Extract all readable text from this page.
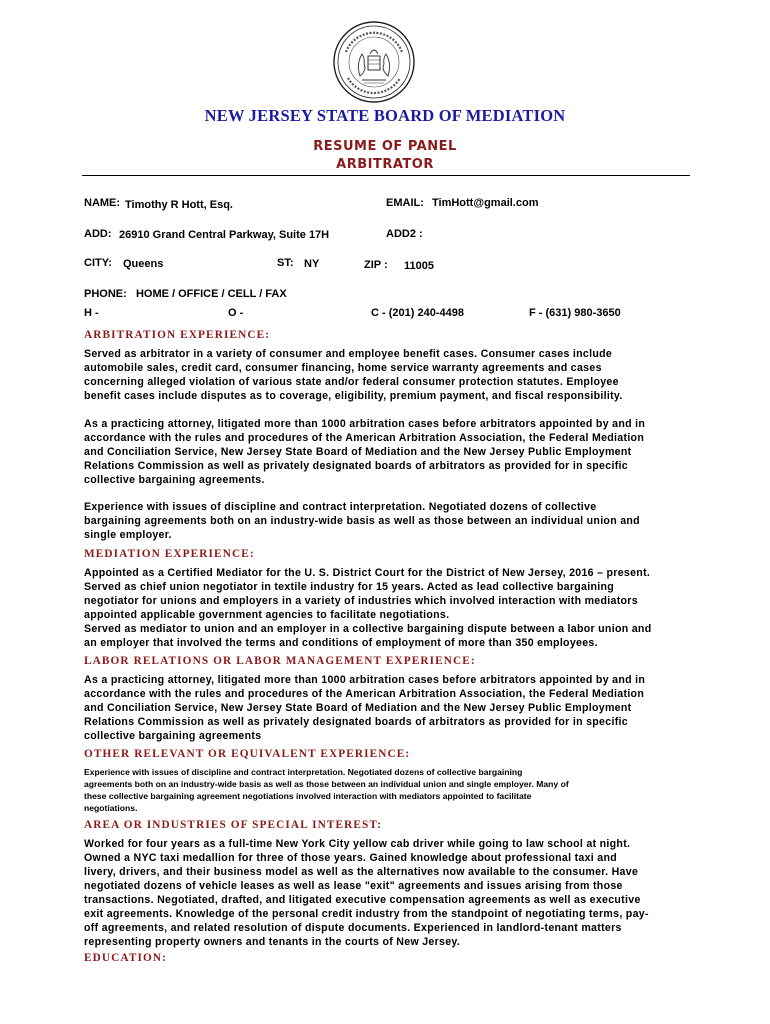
NEW JERSEY STATE BOARD OF MEDIATION
RESUME OF PANEL
ARBITRATOR
NAME: Timothy R Hott, Esq.	EMAIL: TimHott@gmail.com
ADD: 26910 Grand Central Parkway, Suite 17H	ADD2 :
CITY: Queens	ST: NY	ZIP : 11005
PHONE:   HOME / OFFICE / CELL / FAX
H -	O -	C - (201) 240-4498	F - (631) 980-3650
ARBITRATION EXPERIENCE:

Served as arbitrator in a variety of consumer and employee benefit cases. Consumer cases include
automobile sales, credit card, consumer financing, home service warranty agreements and cases
concerning alleged violation of various state and/or federal consumer protection statutes. Employee
benefit cases include disputes as to coverage, eligibility, premium payment, and fiscal responsibility.

As a practicing attorney, litigated more than 1000 arbitration cases before arbitrators appointed by and in
accordance with the rules and procedures of the American Arbitration Association, the Federal Mediation
and Conciliation Service, New Jersey State Board of Mediation and the New Jersey Public Employment
Relations Commission as well as privately designated boards of arbitrators as provided for in specific
collective bargaining agreements.

Experience with issues of discipline and contract interpretation. Negotiated dozens of collective
bargaining agreements both on an industry-wide basis as well as those between an individual union and
single employer.

MEDIATION EXPERIENCE:

Appointed as a Certified Mediator for the U. S. District Court for the District of New Jersey, 2016 – present.
Served as chief union negotiator in textile industry for 15 years. Acted as lead collective bargaining
negotiator for unions and employers in a variety of industries which involved interaction with mediators
appointed applicable government agencies to facilitate negotiations.
Served as mediator to union and an employer in a collective bargaining dispute between a labor union and
an employer that involved the terms and conditions of employment of more than 350 employees.

LABOR RELATIONS OR LABOR MANAGEMENT EXPERIENCE:

As a practicing attorney, litigated more than 1000 arbitration cases before arbitrators appointed by and in
accordance with the rules and procedures of the American Arbitration Association, the Federal Mediation
and Conciliation Service, New Jersey State Board of Mediation and the New Jersey Public Employment
Relations Commission as well as privately designated boards of arbitrators as provided for in specific
collective bargaining agreements

OTHER RELEVANT OR EQUIVALENT EXPERIENCE:

Experience with issues of discipline and contract interpretation. Negotiated dozens of collective bargaining
agreements both on an industry-wide basis as well as those between an individual union and single employer. Many of
these collective bargaining agreement negotiations involved interaction with mediators appointed to facilitate
negotiations.

AREA OR INDUSTRIES OF SPECIAL INTEREST:

Worked for four years as a full-time New York City yellow cab driver while going to law school at night.
Owned a NYC taxi medallion for three of those years. Gained knowledge about professional taxi and
livery, drivers, and their business model as well as the alternatives now available to the consumer. Have
negotiated dozens of vehicle leases as well as lease "exit" agreements and issues arising from those
transactions. Negotiated, drafted, and litigated executive compensation agreements as well as executive
exit agreements. Knowledge of the personal credit industry from the standpoint of negotiating terms, pay-
off agreements, and related resolution of dispute documents. Experienced in landlord-tenant matters
representing property owners and tenants in the courts of New Jersey.

EDUCATION:
